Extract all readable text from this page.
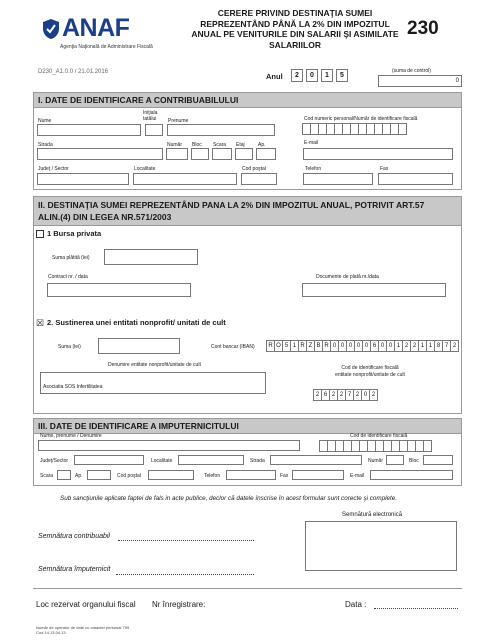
ANAF
Agenţia Naţională de Administrare Fiscală
CERERE PRIVIND DESTINAŢIA SUMEI
REPREZENTÂND PÂNĂ LA 2% DIN IMPOZITUL
ANUAL PE VENITURILE DIN SALARII ŞI ASIMILATE
SALARIILOR
230
D230_A1.0.0 / 21.01.2016	Anul	2	0	1	5
(suma de control)
0
I. DATE DE IDENTIFICARE A CONTRIBUABILULUI
Iniţiala tatălui
Nume	Prenume	Cod numeric personal/Număr de identificare fiscală
Strada	Număr Bloc Scara Etaj	Ap.	E-mail
Judeţ / Sector	Localitate	Cod poştal	Telefon	Fax
II. DESTINAŢIA SUMEI REPREZENTÂND PANA LA 2% DIN IMPOZITUL ANUAL, POTRIVIT ART.57
ALIN.(4) DIN LEGEA NR.571/2003
1 Bursa privata
Suma plătită (lei)
Contract nr. / data	Documente de plată nr./data
☒ 2. Sustinerea unei entitati nonprofit/ unitati de cult
Suma (lei)	Cont bancar (IBAN)	R O 5 1 R Z B R 0 0 0 0 0 6 0 0 1 2 2 1 1 8 7 2
Denumire entitate nonprofit/unitate de cult
Asociatia SOS Infertilitatea
Cod de identificare fiscală
entitate nonprofit/unitate de cult
2 6 2 2 7 2 0 2
III. DATE DE IDENTIFICARE A IMPUTERNICITULUI
Nume, prenume / Denumire	Cod de identificare fiscală
Judeţ/Sector	Localitate	Strada	Număr	Bloc
Scara	Ap.	Cod poştal	Telefon	Fax	E-mail
Sub sancţiunile aplicate faptei de fals in acte publice, declor că datele înscrise în acest formular sunt corecte şi complete.
Semnătură electronică
Semnătura contribuabil
Semnătura împuternicit
Loc rezervat organului fiscal Nr înregistrare:	Data :
Număr de operator de date cu caracter personal 759
Cod 14.13.04.13
